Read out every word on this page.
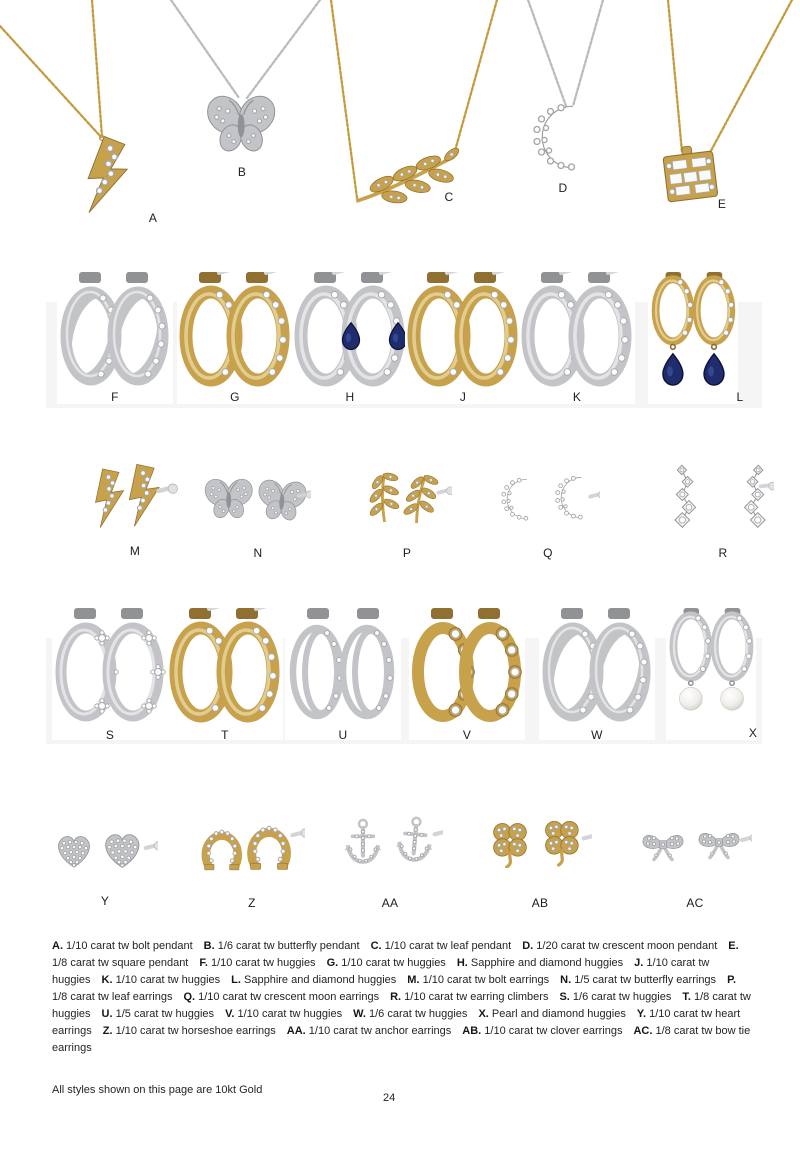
A
B
C
D
E
F	G	H	J	K	L
M	N	P	Q	R
S	T	U	V	W	X
Y	Z	AA	AB	AC

A. 1/10 carat tw bolt pendant   B. 1/6 carat tw butterfly pendant   C. 1/10 carat tw leaf pendant   D. 1/20 carat tw crescent moon pendant   E. 1/8 carat tw square pendant   F. 1/10 carat tw huggies   G. 1/10 carat tw huggies   H. Sapphire and diamond huggies   J. 1/10 carat tw huggies   K. 1/10 carat tw huggies   L. Sapphire and diamond huggies   M. 1/10 carat tw bolt earrings   N. 1/5 carat tw butterfly earrings   P. 1/8 carat tw leaf earrings   Q. 1/10 carat tw crescent moon earrings   R. 1/10 carat tw earring climbers   S. 1/6 carat tw huggies   T. 1/8 carat tw huggies   U. 1/5 carat tw huggies   V. 1/10 carat tw huggies   W. 1/6 carat tw huggies   X. Pearl and diamond huggies   Y. 1/10 carat tw heart earrings   Z. 1/10 carat tw horseshoe earrings   AA. 1/10 carat tw anchor earrings   AB. 1/10 carat tw clover earrings   AC. 1/8 carat tw bow tie earrings

All styles shown on this page are 10kt Gold
24
